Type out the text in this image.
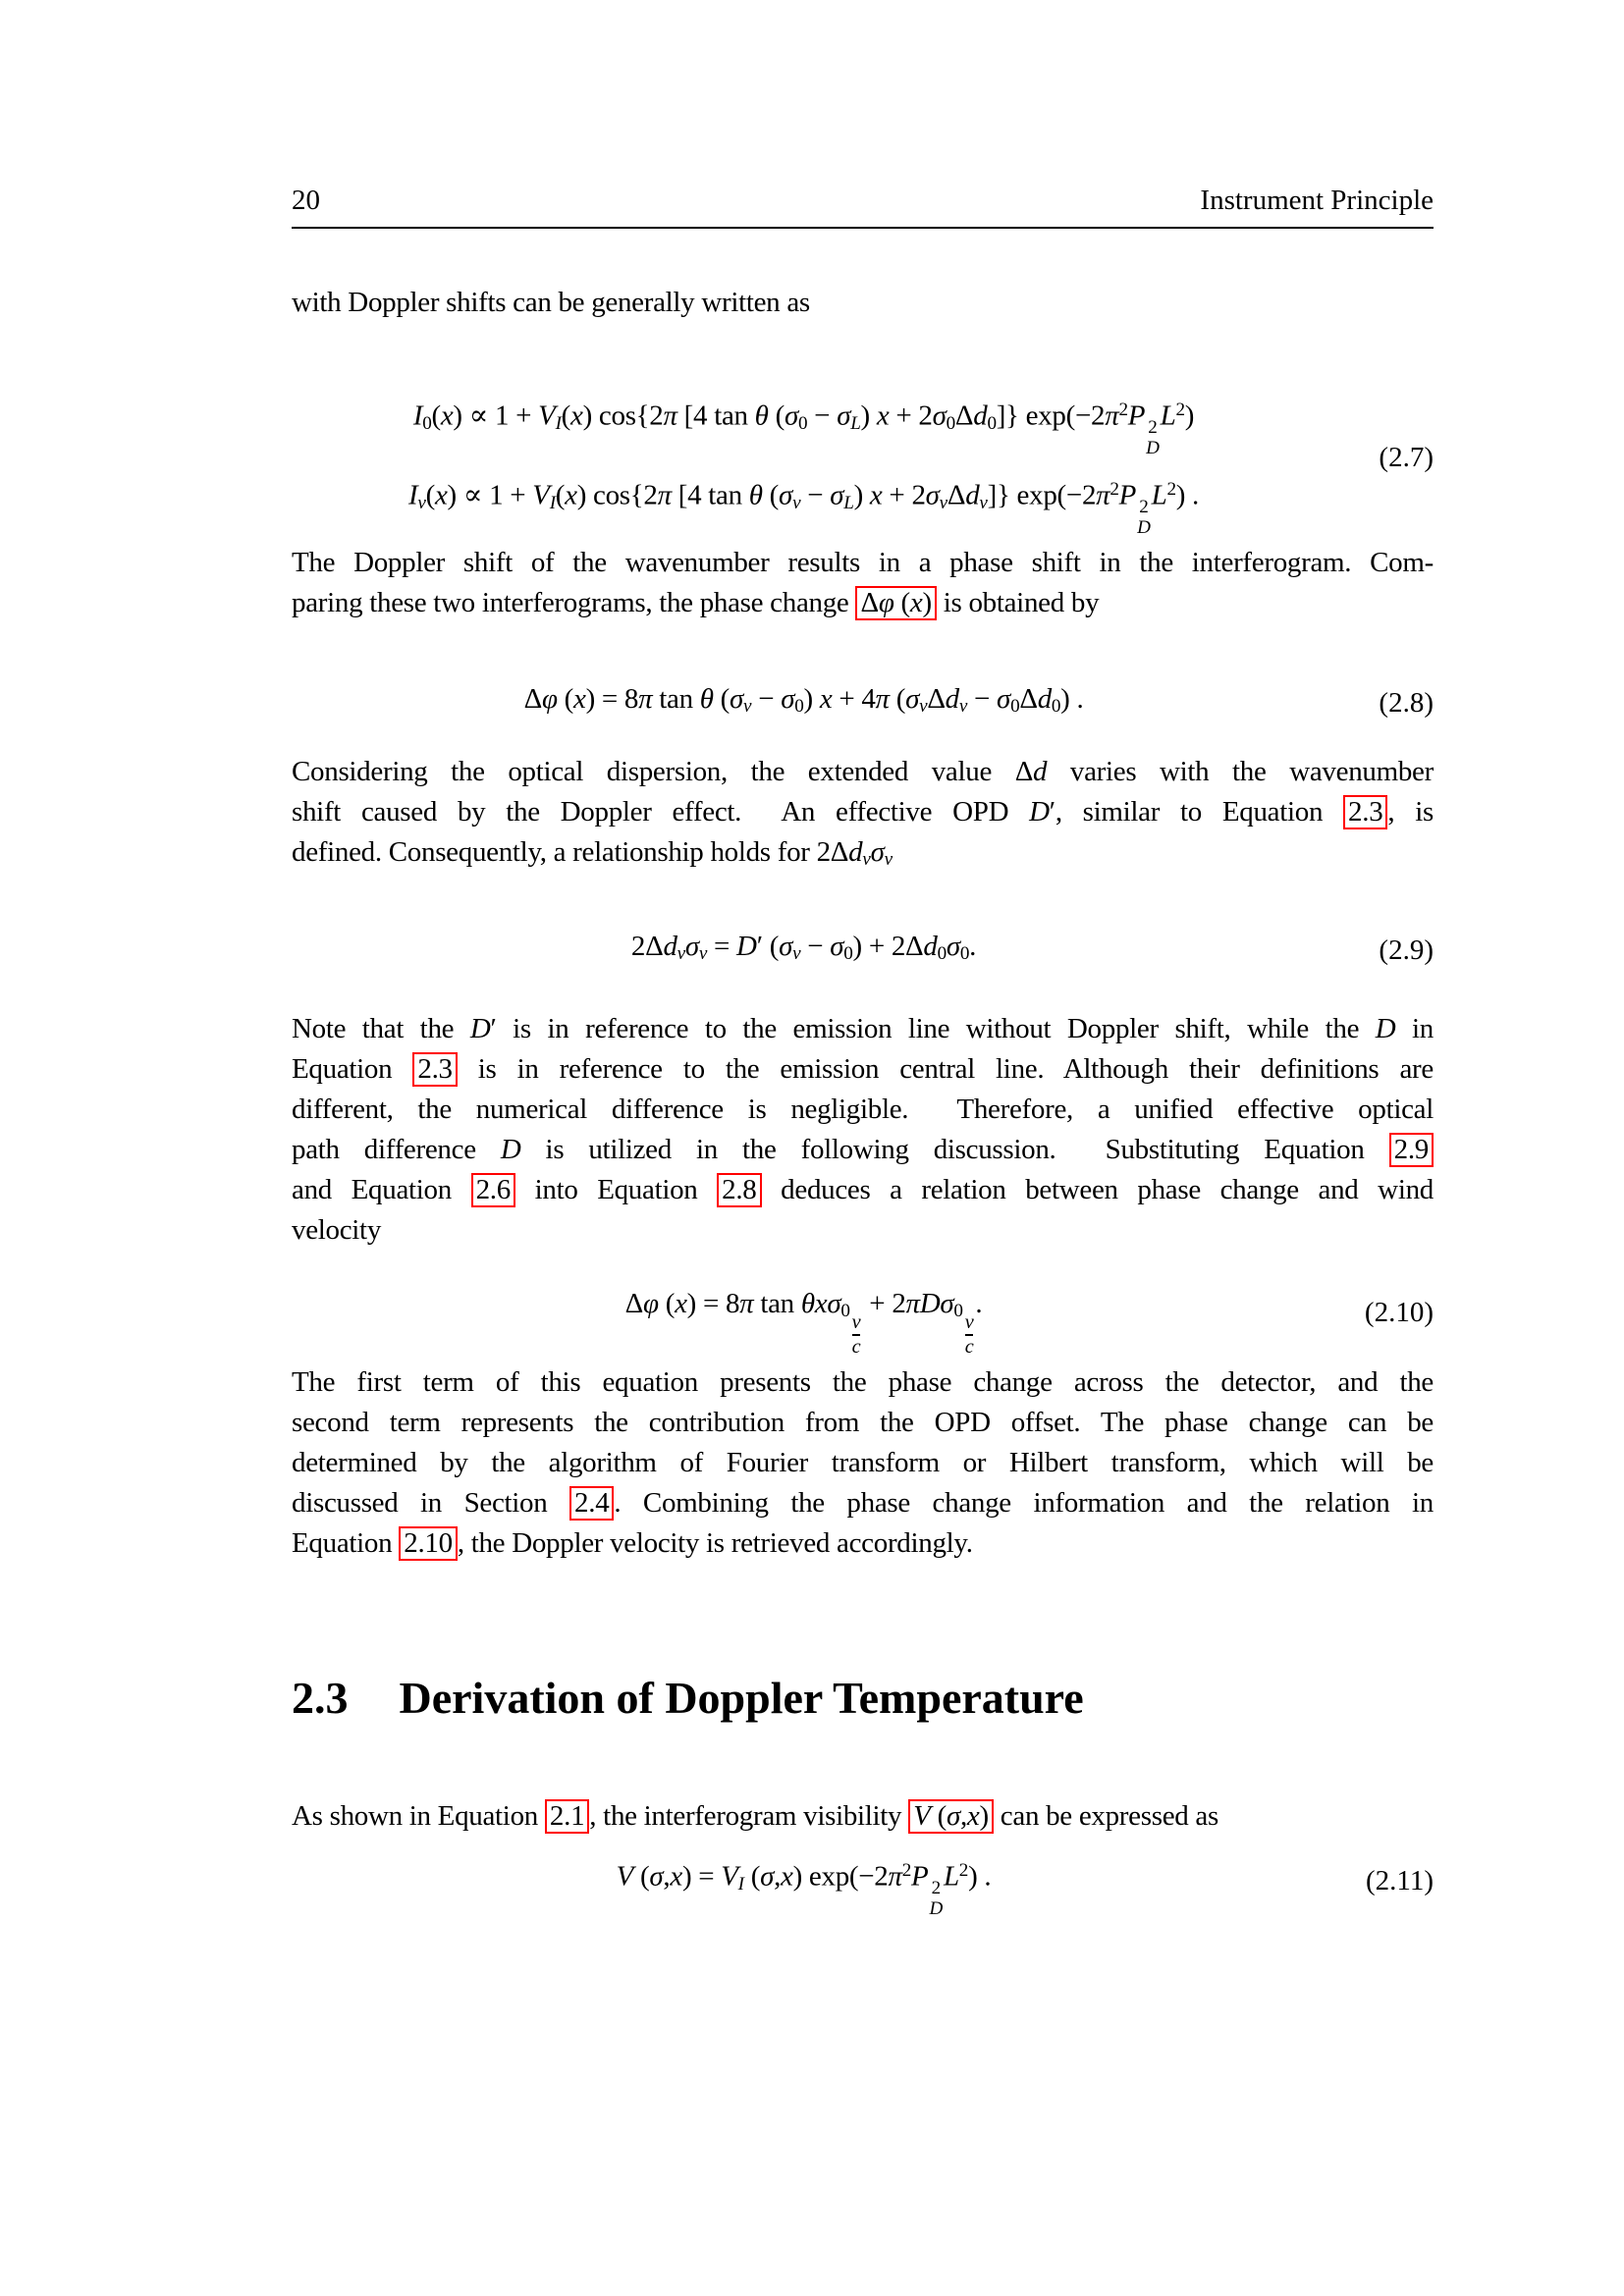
20	Instrument Principle
with Doppler shifts can be generally written as
$I_0(x) \propto 1 + VI(x)$ cos{2π [4 tan θ $(\sigma_0 - \sigma L) x + 2\sigma_0\Delta d_0$]} $\exp(-2\pi^2P$ 2
D
$L^2$)
Iv(x) ∝ 1 + VI(x) cos{2π [4 tan θ (σv − σL) x + 2σvΔdv]} $\exp(-2\pi^2P$ 2
D
$L^2$) .
(2.7)
The Doppler shift of the wavenumber results in a phase shift in the interferogram. Com-
paring these two interferograms, the phase change Δφ (x) is obtained by
Δφ (x) = 8π tan θ $(\sigma v - \sigma_0)$ x + 4π $(\sigma v\Delta dv - \sigma_0\Delta d_0)$ .	(2.8)
Considering the optical dispersion, the extended value Δd varies with the wavenumber
shift caused by the Doppler effect.  An effective OPD D′, similar to Equation 2.3 , is
defined. Consequently, a relationship holds for 2Δdvσv
2Δdvσv = D′ $(\sigma v - \sigma_0) + 2\Delta d_0\sigma_0$.	(2.9)
Note that the D′ is in reference to the emission line without Doppler shift, while the D in
Equation 2.3 is in reference to the emission central line. Although their definitions are
different, the numerical difference is negligible.  Therefore, a unified effective optical
path difference D is utilized in the following discussion.  Substituting Equation 2.9
and Equation 2.6 into Equation 2.8 deduces a relation between phase change and wind
velocity
Δφ (x) = 8π tan θxσ$_0$
$\frac{v}{c}$
+ 2πDσ$_0$
$\frac{v}{c}$
.	(2.10)
The first term of this equation presents the phase change across the detector, and the
second term represents the contribution from the OPD offset. The phase change can be
determined by the algorithm of Fourier transform or Hilbert transform, which will be
discussed in Section 2.4 . Combining the phase change information and the relation in
Equation 2.10 , the Doppler velocity is retrieved accordingly.
2.3 Derivation of Doppler Temperature
As shown in Equation 2.1 , the interferogram visibility V (σ,x) can be expressed as
V (σ,x) = VI (σ,x) $\exp(-2\pi^2P$ 2
D
$L^2$) .	(2.11)
